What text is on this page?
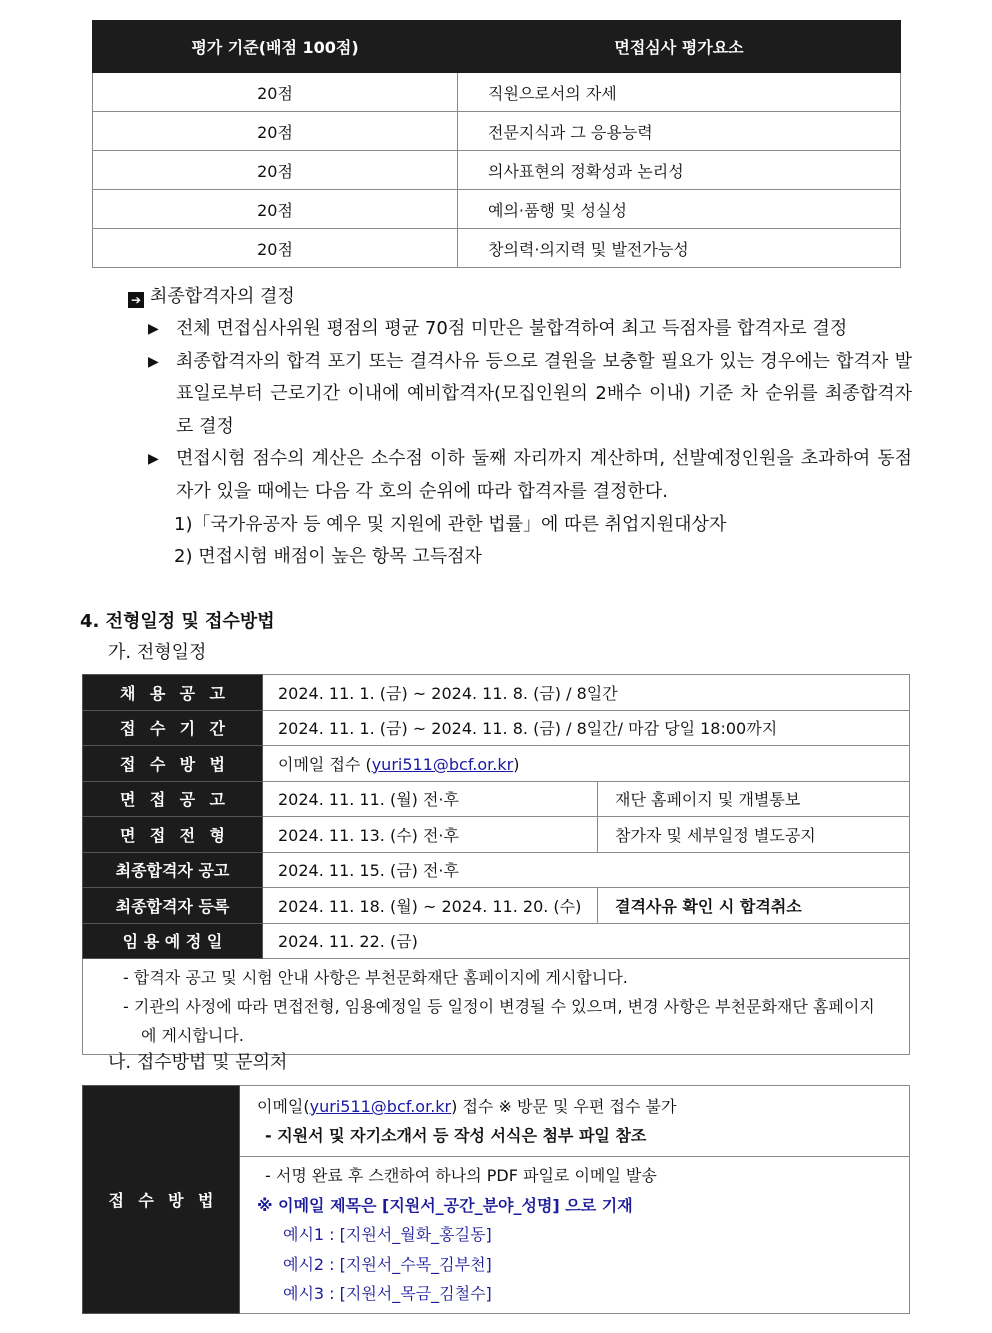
평가 기준(배점 100점)	면접심사 평가요소
20점	직원으로서의 자세
20점	전문지식과 그 응용능력
20점	의사표현의 정확성과 논리성
20점	예의·품행 및 성실성
20점	창의력·의지력 및 발전가능성
➔ 최종합격자의 결정
▶ 전체 면접심사위원 평점의 평균 70점 미만은 불합격하여 최고 득점자를 합격자로 결정
▶ 최종합격자의 합격 포기 또는 결격사유 등으로 결원을 보충할 필요가 있는 경우에는 합격자 발표일로부터 근로기간 이내에 예비합격자(모집인원의 2배수 이내) 기준 차 순위를 최종합격자로 결정
▶ 면접시험 점수의 계산은 소수점 이하 둘째 자리까지 계산하며, 선발예정인원을 초과하여 동점자가 있을 때에는 다음 각 호의 순위에 따라 합격자를 결정한다.
1)「국가유공자 등 예우 및 지원에 관한 법률」에 따른 취업지원대상자
2) 면접시험 배점이 높은 항목 고득점자
4. 전형일정 및 접수방법
가. 전형일정
채용공고	2024. 11. 1. (금) ~ 2024. 11. 8. (금) / 8일간	
접수기간	2024. 11. 1. (금) ~ 2024. 11. 8. (금) / 8일간/ 마감 당일 18:00까지	
접수방법	이메일 접수 (yuri511@bcf.or.kr)	
면접공고	2024. 11. 11. (월) 전·후	재단 홈페이지 및 개별통보
면접전형	2024. 11. 13. (수) 전·후	참가자 및 세부일정 별도공지
최종합격자 공고	2024. 11. 15. (금) 전·후	
최종합격자 등록	2024. 11. 18. (월) ~ 2024. 11. 20. (수)	결격사유 확인 시 합격취소
임용예정일	2024. 11. 22. (금)	

- 합격자 공고 및 시험 안내 사항은 부천문화재단 홈페이지에 게시합니다.
- 기관의 사정에 따라 면접전형, 임용예정일 등 일정이 변경될 수 있으며, 변경 사항은 부천문화재단 홈페이지에 게시합니다.		
나. 접수방법 및 문의처
접수방법	
이메일(yuri511@bcf.or.kr) 접수 ※ 방문 및 우편 접수 불가
- 지원서 및 자기소개서 등 작성 서식은 첨부 파일 참조

- 서명 완료 후 스캔하여 하나의 PDF 파일로 이메일 발송
※ 이메일 제목은 [지원서_공간_분야_성명] 으로 기재
예시1 : [지원서_월화_홍길동]
예시2 : [지원서_수목_김부천]
예시3 : [지원서_목금_김철수]
